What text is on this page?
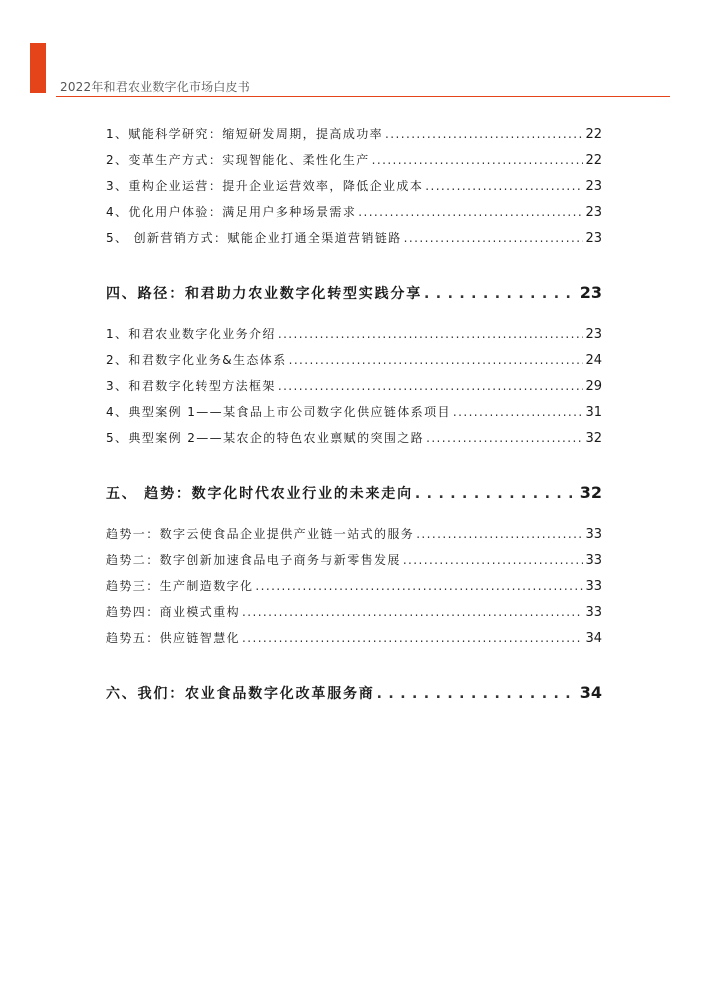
2022年和君农业数字化市场白皮书
1、赋能科学研究：缩短研发周期，提高成功率 . . .	22
2、变革生产方式：实现智能化、柔性化生产 . . .	22
3、重构企业运营：提升企业运营效率，降低企业成本 . . .	23
4、优化用户体验：满足用户多种场景需求 . . .	23
5、 创新营销方式：赋能企业打通全渠道营销链路 . . .	23
四、路径：和君助力农业数字化转型实践分享 . . .	23
1、和君农业数字化业务介绍 . . .	23
2、和君数字化业务&生态体系 . . .	24
3、和君数字化转型方法框架 . . .	29
4、典型案例 1——某食品上市公司数字化供应链体系项目 . . .	31
5、典型案例 2——某农企的特色农业禀赋的突围之路 . . .	32
五、 趋势：数字化时代农业行业的未来走向 . . .	32
趋势一：数字云使食品企业提供产业链一站式的服务 . . .	33
趋势二：数字创新加速食品电子商务与新零售发展 . . .	33
趋势三：生产制造数字化 . . .	33
趋势四：商业模式重构 . . .	33
趋势五：供应链智慧化 . . .	34
六、我们：农业食品数字化改革服务商 . . .	34
